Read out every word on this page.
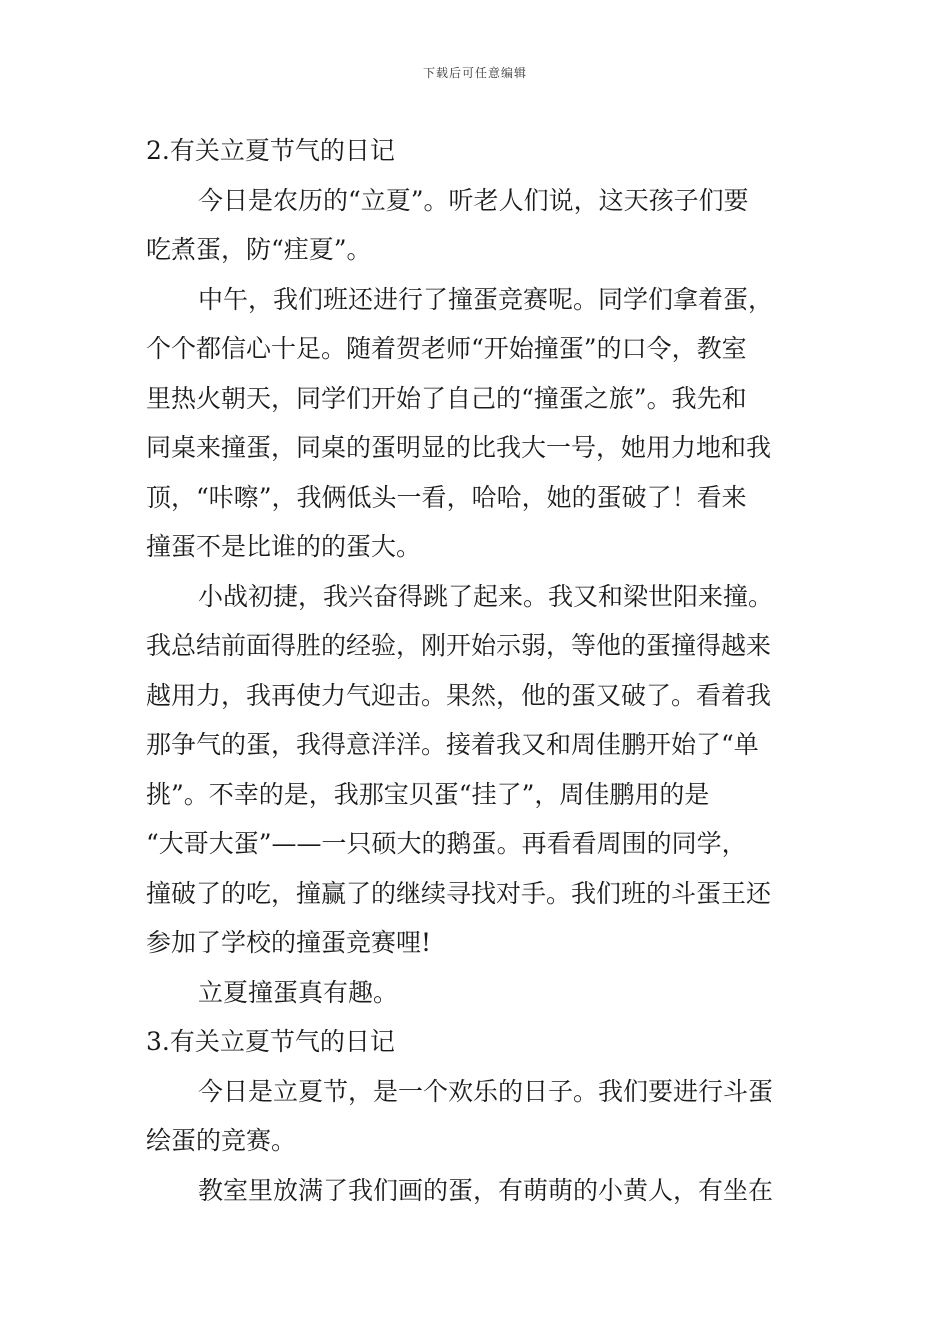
下载后可任意编辑
2.有关立夏节气的日记
今日是农历的“立夏”。听老人们说，这天孩子们要
吃煮蛋，防“疰夏”。
中午，我们班还进行了撞蛋竞赛呢。同学们拿着蛋，
个个都信心十足。随着贺老师“开始撞蛋”的口令，教室
里热火朝天，同学们开始了自己的“撞蛋之旅”。我先和
同桌来撞蛋，同桌的蛋明显的比我大一号，她用力地和我
顶，“咔嚓”，我俩低头一看，哈哈，她的蛋破了！看来
撞蛋不是比谁的的蛋大。
小战初捷，我兴奋得跳了起来。我又和梁世阳来撞。
我总结前面得胜的经验，刚开始示弱，等他的蛋撞得越来
越用力，我再使力气迎击。果然，他的蛋又破了。看着我
那争气的蛋，我得意洋洋。接着我又和周佳鹏开始了“单
挑”。不幸的是，我那宝贝蛋“挂了”，周佳鹏用的是
“大哥大蛋”——一只硕大的鹅蛋。再看看周围的同学，
撞破了的吃，撞赢了的继续寻找对手。我们班的斗蛋王还
参加了学校的撞蛋竞赛哩!
立夏撞蛋真有趣。
3.有关立夏节气的日记
今日是立夏节，是一个欢乐的日子。我们要进行斗蛋
绘蛋的竞赛。
教室里放满了我们画的蛋，有萌萌的小黄人，有坐在
